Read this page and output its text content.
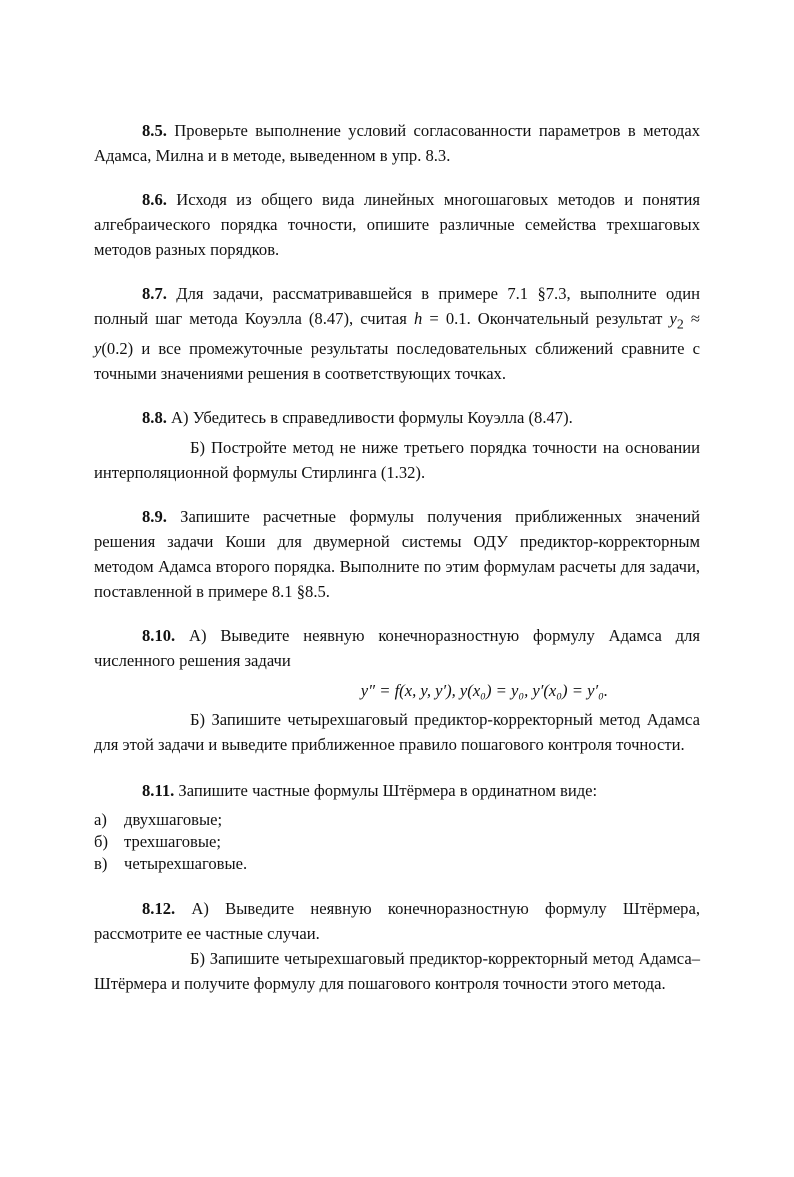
8.5. Проверьте выполнение условий согласованности параметров в методах Адамса, Милна и в методе, выведенном в упр. 8.3.

8.6. Исходя из общего вида линейных многошаговых методов и понятия алгебраического порядка точности, опишите различные семейства трехшаговых методов разных порядков.

8.7. Для задачи, рассматривавшейся в примере 7.1 §7.3, выполните один полный шаг метода Коуэлла (8.47), считая h = 0.1. Окончательный результат $y_2 \approx y(0.2)$ и все промежуточные результаты последовательных сближений сравните с точными значениями решения в соответствующих точках.

8.8. А) Убедитесь в справедливости формулы Коуэлла (8.47).

Б) Постройте метод не ниже третьего порядка точности на основании интерполяционной формулы Стирлинга (1.32).

8.9. Запишите расчетные формулы получения приближенных значений решения задачи Коши для двумерной системы ОДУ предиктор-корректорным методом Адамса второго порядка. Выполните по этим формулам расчеты для задачи, поставленной в примере 8.1 §8.5.

8.10. А) Выведите неявную конечноразностную формулу Адамса для численного решения задачи

y″ = f(x, y, y′), y(x₀) = y₀, y′(x₀) = y′₀.

Б) Запишите четырехшаговый предиктор-корректорный метод Адамса для этой задачи и выведите приближенное правило пошагового контроля точности.

8.11. Запишите частные формулы Штёрмера в ординатном виде:

а)	двухшаговые;
б) трехшаговые;
в)	четырехшаговые.

8.12. А) Выведите неявную конечноразностную формулу Штёрмера, рассмотрите ее частные случаи.

Б) Запишите четырехшаговый предиктор-корректорный метод Адамса–Штёрмера и получите формулу для пошагового контроля точности этого метода.
